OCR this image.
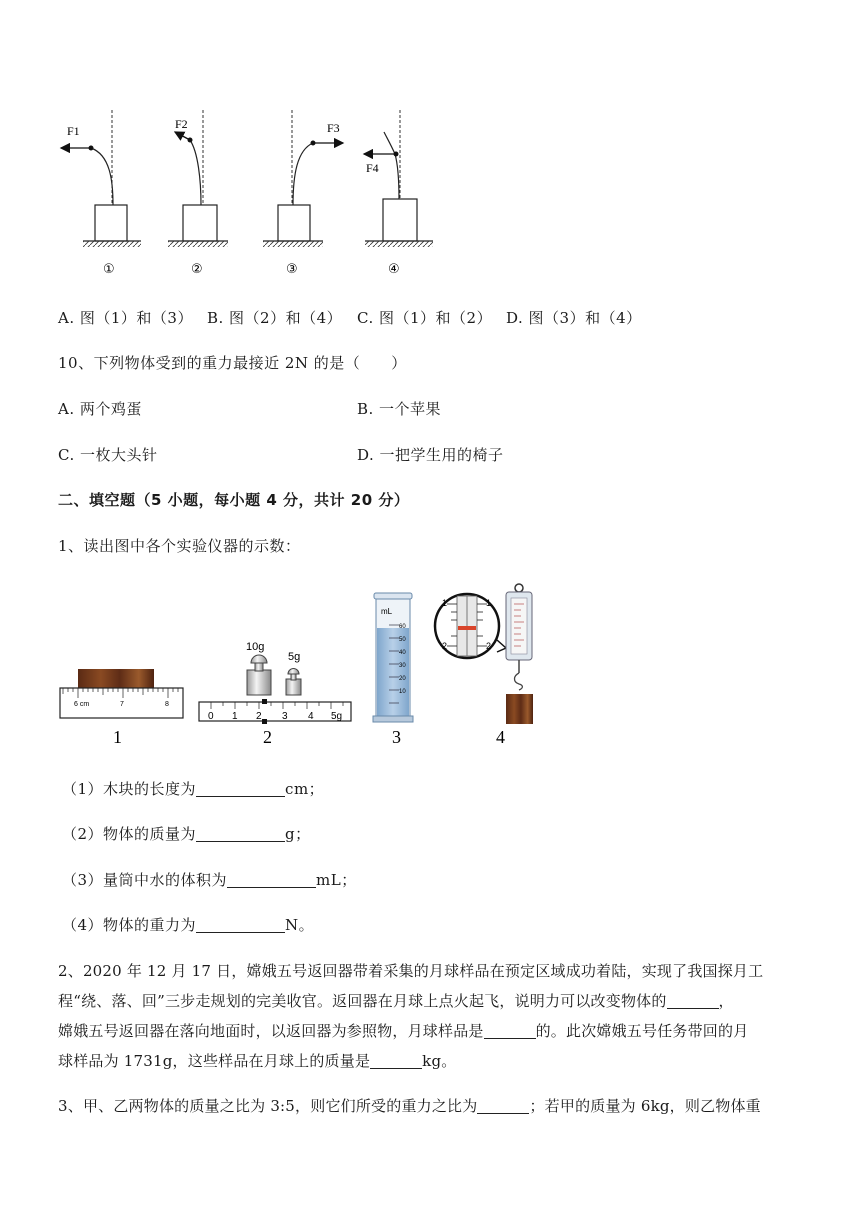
F1
①
F2
②
F3
③
F4
④
A. 图（1）和（3） B. 图（2）和（4） C. 图（1）和（2） D. 图（3）和（4）
10、下列物体受到的重力最接近 2N 的是（　　）
A. 两个鸡蛋	B. 一个苹果
C. 一枚大头针	D. 一把学生用的椅子
二、填空题（5 小题，每小题 4 分，共计 20 分）
1、读出图中各个实验仪器的示数：
6 cm	7	8
1
10g
5g
0 1 2 3 4 5g
2
mL
60
50
40
30
20
10
3
1	1
2	2
4
（1）木块的长度为	cm；
（2）物体的质量为	g；
（3）量筒中水的体积为	mL；
（4）物体的重力为	N。
2、2020 年 12 月 17 日，嫦娥五号返回器带着采集的月球样品在预定区域成功着陆，实现了我国探月工
程“绕、落、回”三步走规划的完美收官。返回器在月球上点火起飞，说明力可以改变物体的	，
嫦娥五号返回器在落向地面时，以返回器为参照物，月球样品是	的。此次嫦娥五号任务带回的月
球样品为 1731g，这些样品在月球上的质量是	kg。
3、甲、乙两物体的质量之比为 3:5，则它们所受的重力之比为	；若甲的质量为 6kg，则乙物体重
